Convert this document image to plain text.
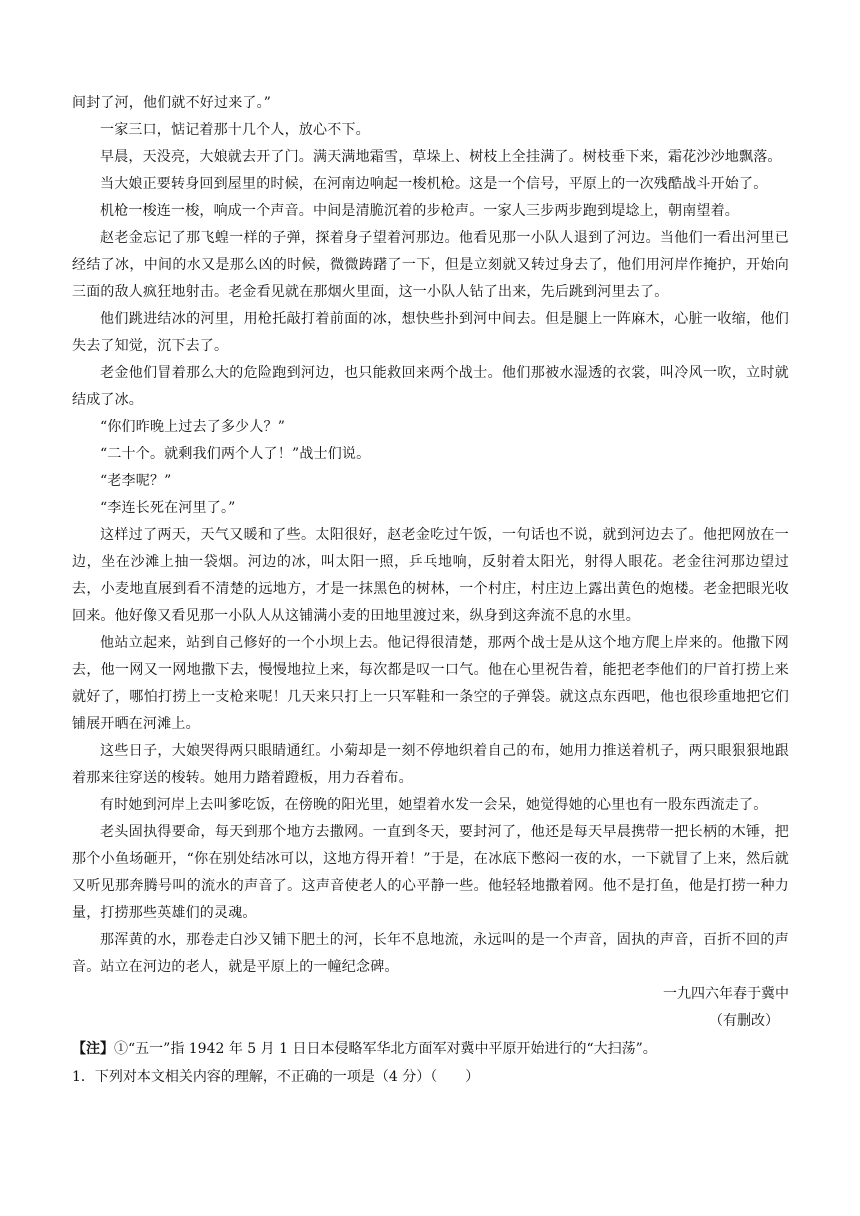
间封了河，他们就不好过来了。”

一家三口，惦记着那十几个人，放心不下。

早晨，天没亮，大娘就去开了门。满天满地霜雪，草垛上、树枝上全挂满了。树枝垂下来，霜花沙沙地飘落。

当大娘正要转身回到屋里的时候，在河南边响起一梭机枪。这是一个信号，平原上的一次残酷战斗开始了。

机枪一梭连一梭，响成一个声音。中间是清脆沉着的步枪声。一家人三步两步跑到堤埝上，朝南望着。

赵老金忘记了那飞蝗一样的子弹，探着身子望着河那边。他看见那一小队人退到了河边。当他们一看出河里已经结了冰，中间的水又是那么凶的时候，微微踌躇了一下，但是立刻就又转过身去了，他们用河岸作掩护，开始向三面的敌人疯狂地射击。老金看见就在那烟火里面，这一小队人钻了出来，先后跳到河里去了。

他们跳进结冰的河里，用枪托敲打着前面的冰，想快些扑到河中间去。但是腿上一阵麻木，心脏一收缩，他们失去了知觉，沉下去了。

老金他们冒着那么大的危险跑到河边，也只能救回来两个战士。他们那被水湿透的衣裳，叫冷风一吹，立时就结成了冰。

“你们昨晚上过去了多少人？”

“二十个。就剩我们两个人了！”战士们说。

“老李呢？”

“李连长死在河里了。”

这样过了两天，天气又暖和了些。太阳很好，赵老金吃过午饭，一句话也不说，就到河边去了。他把网放在一边，坐在沙滩上抽一袋烟。河边的冰，叫太阳一照，乒乓地响，反射着太阳光，射得人眼花。老金往河那边望过去，小麦地直展到看不清楚的远地方，才是一抹黑色的树林，一个村庄，村庄边上露出黄色的炮楼。老金把眼光收回来。他好像又看见那一小队人从这铺满小麦的田地里渡过来，纵身到这奔流不息的水里。

他站立起来，站到自己修好的一个小坝上去。他记得很清楚，那两个战士是从这个地方爬上岸来的。他撒下网去，他一网又一网地撒下去，慢慢地拉上来，每次都是叹一口气。他在心里祝告着，能把老李他们的尸首打捞上来就好了，哪怕打捞上一支枪来呢！几天来只打上一只军鞋和一条空的子弹袋。就这点东西吧，他也很珍重地把它们铺展开晒在河滩上。

这些日子，大娘哭得两只眼睛通红。小菊却是一刻不停地织着自己的布，她用力推送着机子，两只眼狠狠地跟着那来往穿送的梭转。她用力踏着蹬板，用力吞着布。

有时她到河岸上去叫爹吃饭，在傍晚的阳光里，她望着水发一会呆，她觉得她的心里也有一股东西流走了。

老头固执得要命，每天到那个地方去撒网。一直到冬天，要封河了，他还是每天早晨携带一把长柄的木锤，把那个小鱼场砸开，“你在别处结冰可以，这地方得开着！”于是，在冰底下憋闷一夜的水，一下就冒了上来，然后就又听见那奔腾号叫的流水的声音了。这声音使老人的心平静一些。他轻轻地撒着网。他不是打鱼，他是打捞一种力量，打捞那些英雄们的灵魂。

那浑黄的水，那卷走白沙又铺下肥土的河，长年不息地流，永远叫的是一个声音，固执的声音，百折不回的声音。站立在河边的老人，就是平原上的一幢纪念碑。

一九四六年春于冀中

（有删改）

【注】①“五一”指 1942 年 5 月 1 日日本侵略军华北方面军对冀中平原开始进行的“大扫荡”。

1．下列对本文相关内容的理解，不正确的一项是（4 分）（　　）
